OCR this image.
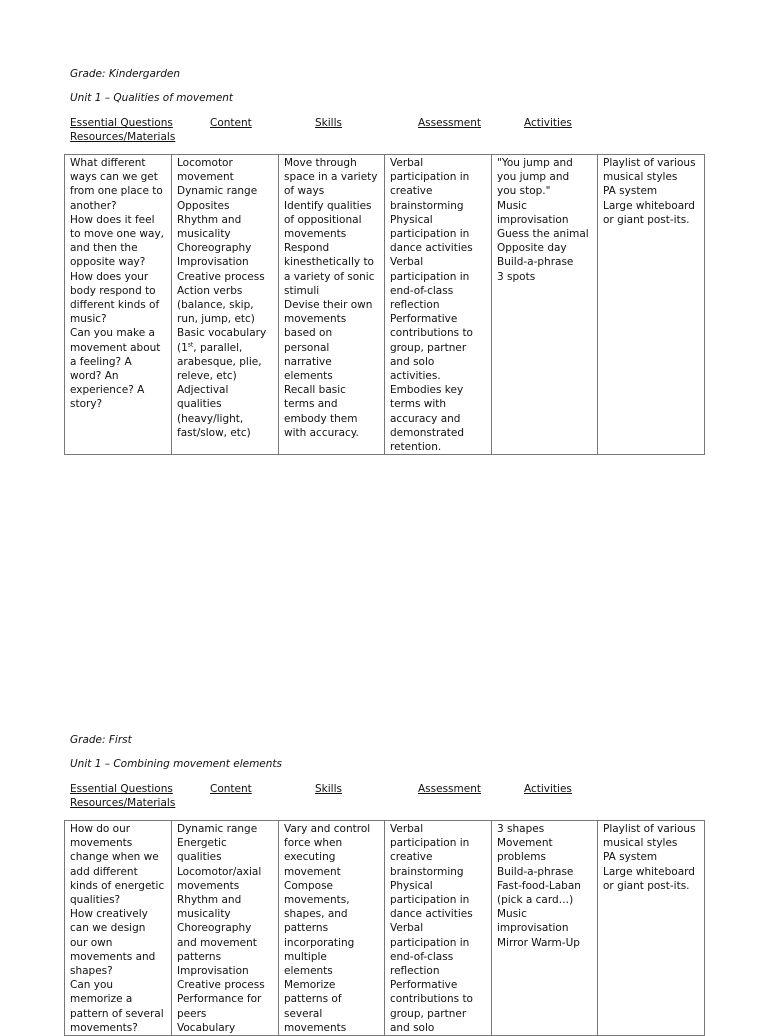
Grade: Kindergarden
Unit 1 – Qualities of movement
Essential Questions	Content	Skills	Assessment	Activities
Resources/Materials
What different
ways can we get
from one place to
another?
How does it feel
to move one way,
and then the
opposite way?
How does your
body respond to
different kinds of
music?
Can you make a
movement about
a feeling? A
word? An
experience? A
story?

Locomotor
movement
Dynamic range
Opposites
Rhythm and
musicality
Choreography
Improvisation
Creative process
Action verbs
(balance, skip,
run, jump, etc)
Basic vocabulary
(1st, parallel,
arabesque, plie,
releve, etc)
Adjectival
qualities
(heavy/light,
fast/slow, etc)

Move through
space in a variety
of ways
Identify qualities
of oppositional
movements
Respond
kinesthetically to
a variety of sonic
stimuli
Devise their own
movements
based on
personal
narrative
elements
Recall basic
terms and
embody them
with accuracy.

Verbal
participation in
creative
brainstorming
Physical
participation in
dance activities
Verbal
participation in
end-of-class
reflection
Performative
contributions to
group, partner
and solo
activities.
Embodies key
terms with
accuracy and
demonstrated
retention.

"You jump and
you jump and
you stop."
Music
improvisation
Guess the animal
Opposite day
Build-a-phrase
3 spots

Playlist of various
musical styles
PA system
Large whiteboard
or giant post-its.
Grade: First
Unit 1 – Combining movement elements
Essential Questions	Content	Skills	Assessment	Activities
Resources/Materials
How do our
movements
change when we
add different
kinds of energetic
qualities?
How creatively
can we design
our own
movements and
shapes?
Can you
memorize a
pattern of several
movements?

Dynamic range
Energetic
qualities
Locomotor/axial
movements
Rhythm and
musicality
Choreography
and movement
patterns
Improvisation
Creative process
Performance for
peers
Vocabulary

Vary and control
force when
executing
movement
Compose
movements,
shapes, and
patterns
incorporating
multiple
elements
Memorize
patterns of
several
movements

Verbal
participation in
creative
brainstorming
Physical
participation in
dance activities
Verbal
participation in
end-of-class
reflection
Performative
contributions to
group, partner
and solo

3 shapes
Movement
problems
Build-a-phrase
Fast-food-Laban
(pick a card…)
Music
improvisation
Mirror Warm-Up

Playlist of various
musical styles
PA system
Large whiteboard
or giant post-its.
